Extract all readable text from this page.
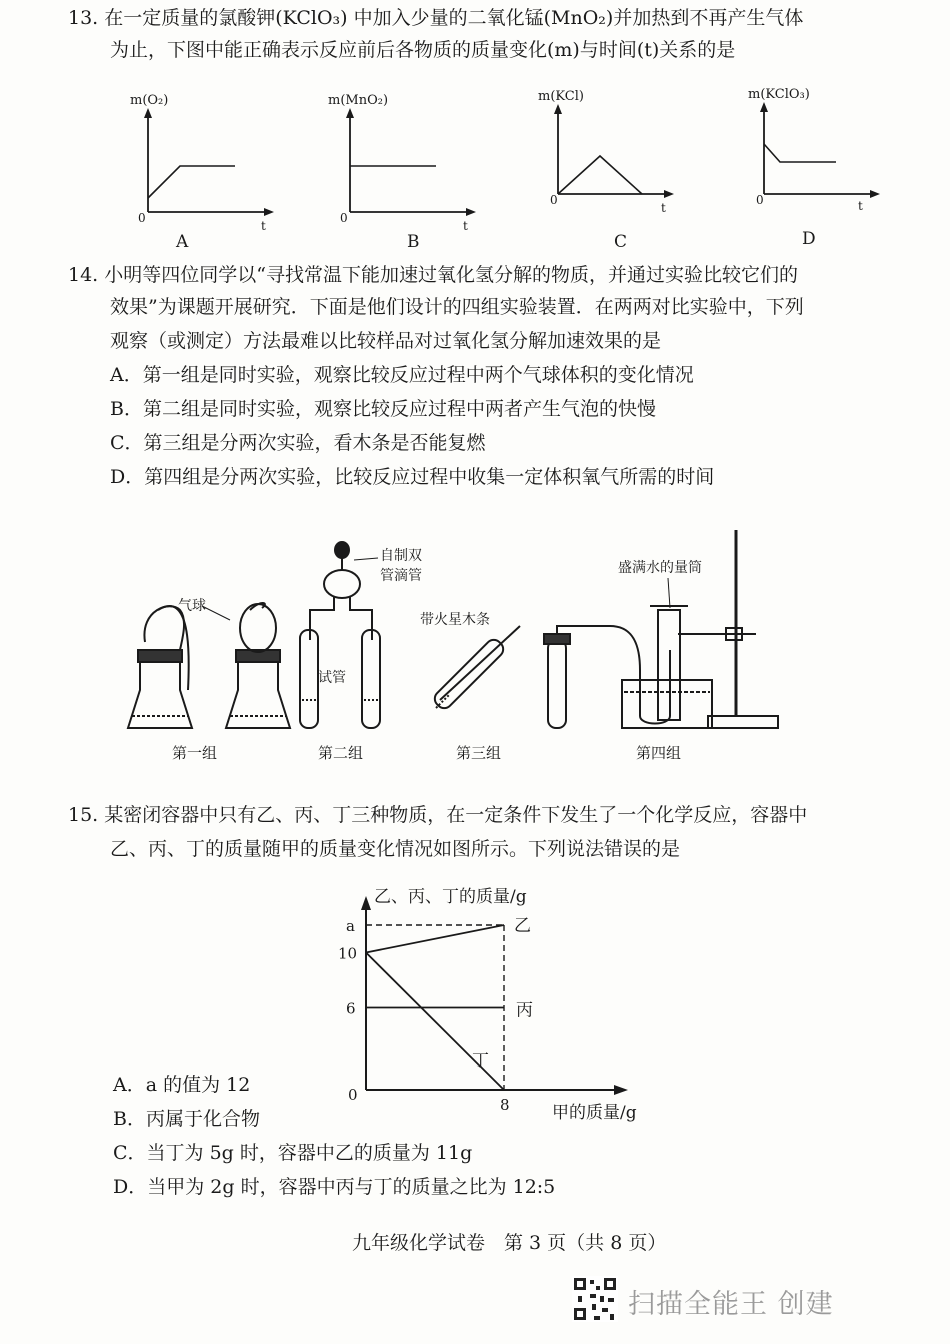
13. 在一定质量的氯酸钾(KClO₃) 中加入少量的二氧化锰(MnO₂)并加热到不再产生气体
为止，下图中能正确表示反应前后各物质的质量变化(m)与时间(t)关系的是
m(O₂)
0
t
A
m(MnO₂)
0
t
B
m(KCl)
0
t
C
m(KClO₃)
0	t
D
14. 小明等四位同学以“寻找常温下能加速过氧化氢分解的物质，并通过实验比较它们的
效果”为课题开展研究．下面是他们设计的四组实验装置．在两两对比实验中，下列
观察（或测定）方法最难以比较样品对过氧化氢分解加速效果的是
A．第一组是同时实验，观察比较反应过程中两个气球体积的变化情况
B．第二组是同时实验，观察比较反应过程中两者产生气泡的快慢
C．第三组是分两次实验，看木条是否能复燃
D．第四组是分两次实验，比较反应过程中收集一定体积氧气所需的时间
气球
自制双
管滴管
试管
带火星木条
盛满水的量筒
第一组	第二组	第三组	第四组
15. 某密闭容器中只有乙、丙、丁三种物质，在一定条件下发生了一个化学反应，容器中
乙、丙、丁的质量随甲的质量变化情况如图所示。下列说法错误的是
乙、丙、丁的质量/g
甲的质量/g
0
乙
丙
丁
6
10
a
8
A．a 的值为 12
B．丙属于化合物
C．当丁为 5g 时，容器中乙的质量为 11g
D．当甲为 2g 时，容器中丙与丁的质量之比为 12:5
九年级化学试卷　第 3 页（共 8 页）
扫描全能王 创建
